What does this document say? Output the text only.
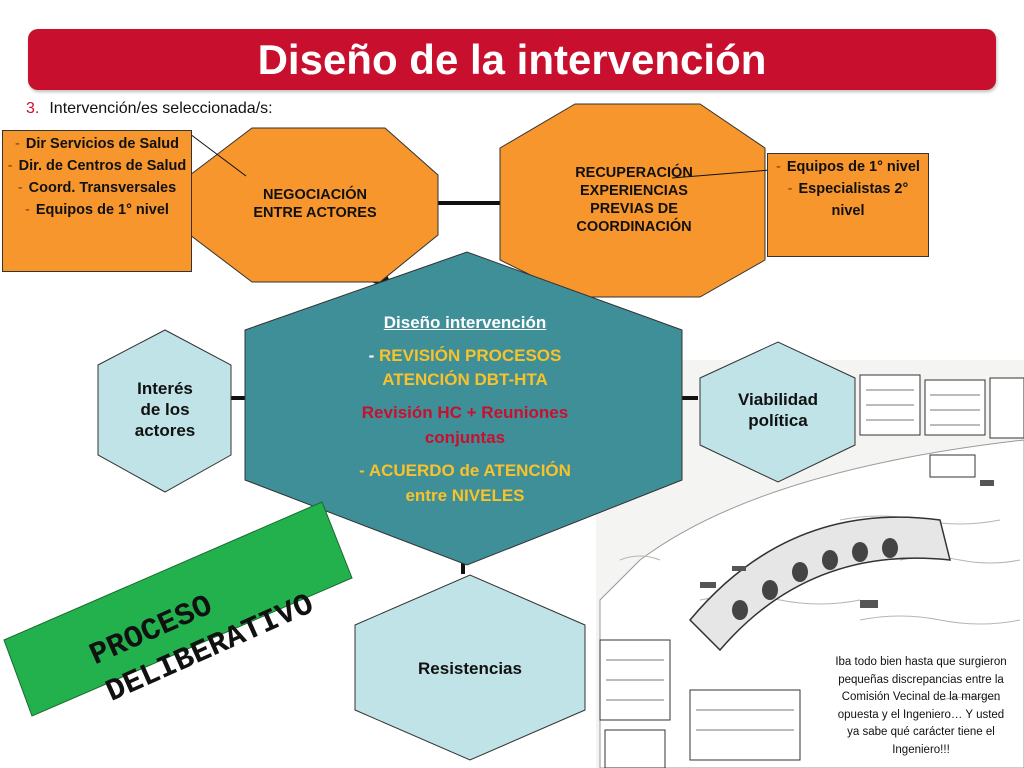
Diseño de la intervención
3. Intervención/es seleccionada/s:
NEGOCIACIÓN
ENTRE ACTORES
RECUPERACIÓN
EXPERIENCIAS
PREVIAS DE
COORDINACIÓN
Diseño intervención
- REVISIÓN PROCESOS
ATENCIÓN DBT-HTA
Revisión HC + Reuniones
conjuntas
- ACUERDO de ATENCIÓN
entre NIVELES
Interés
de los
actores
Viabilidad
política
Resistencias
- Dir Servicios de Salud
- Dir. de Centros de Salud
- Coord. Transversales
- Equipos de 1° nivel
- Equipos de 1° nivel
- Especialistas 2° nivel
PROCESO
DELIBERATIVO	Iba todo bien hasta que surgieron pequeñas discrepancias entre la Comisión Vecinal de la margen opuesta y el Ingeniero… Y usted ya sabe qué carácter tiene el Ingeniero!!!
